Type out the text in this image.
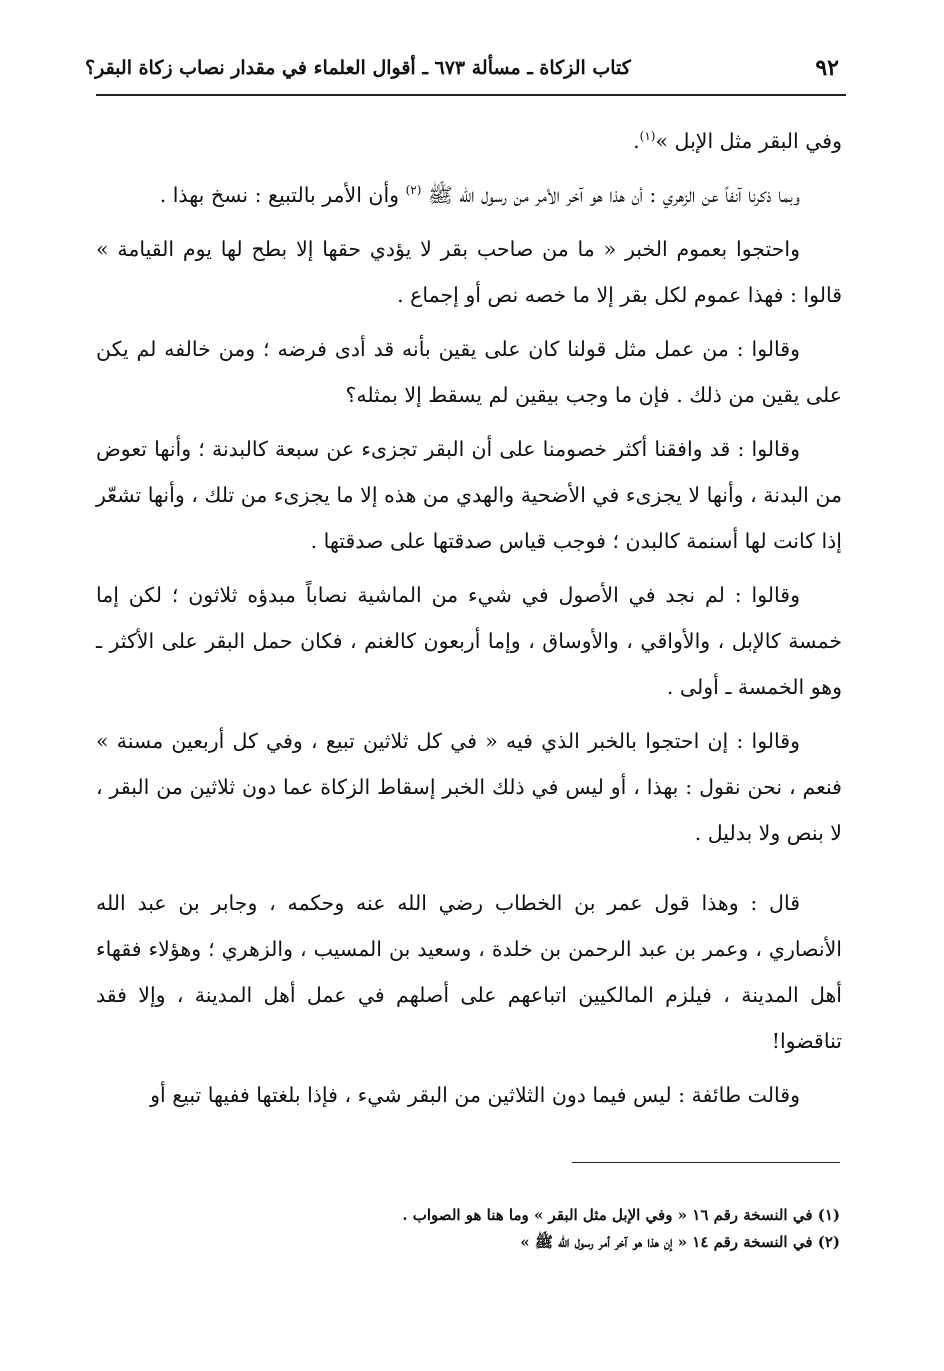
٩٢
كتاب الزكاة ـ مسألة ٦٧٣ ـ أقوال العلماء في مقدار نصاب زكاة البقر؟

وفي البقر مثل الإبل »$^{(١)}$.

وبما ذكرنا آنفاً عن الزهري : أن هذا هو آخر الأمر من رسول الله ﷺ $^{(٢)}$ وأن الأمر بالتبيع : نسخ بهذا .

واحتجوا بعموم الخبر « ما من صاحب بقر لا يؤدي حقها إلا بطح لها يوم القيامة » قالوا : فهذا عموم لكل بقر إلا ما خصه نص أو إجماع .

وقالوا : من عمل مثل قولنا كان على يقين بأنه قد أدى فرضه ؛ ومن خالفه لم يكن على يقين من ذلك . فإن ما وجب بيقين لم يسقط إلا بمثله؟

وقالوا : قد وافقنا أكثر خصومنا على أن البقر تجزىء عن سبعة كالبدنة ؛ وأنها تعوض من البدنة ، وأنها لا يجزىء في الأضحية والهدي من هذه إلا ما يجزىء من تلك ، وأنها تشعّر إذا كانت لها أسنمة كالبدن ؛ فوجب قياس صدقتها على صدقتها .

وقالوا : لم نجد في الأصول في شيء من الماشية نصاباً مبدؤه ثلاثون ؛ لكن إما خمسة كالإبل ، والأواقي ، والأوساق ، وإما أربعون كالغنم ، فكان حمل البقر على الأكثر ـ وهو الخمسة ـ أولى .

وقالوا : إن احتجوا بالخبر الذي فيه « في كل ثلاثين تبيع ، وفي كل أربعين مسنة » فنعم ، نحن نقول : بهذا ، أو ليس في ذلك الخبر إسقاط الزكاة عما دون ثلاثين من البقر ، لا بنص ولا بدليل .

قال : وهذا قول عمر بن الخطاب رضي الله عنه وحكمه ، وجابر بن عبد الله الأنصاري ، وعمر بن عبد الرحمن بن خلدة ، وسعيد بن المسيب ، والزهري ؛ وهؤلاء فقهاء أهل المدينة ، فيلزم المالكيين اتباعهم على أصلهم في عمل أهل المدينة ، وإلا فقد تناقضوا!

وقالت طائفة : ليس فيما دون الثلاثين من البقر شيء ، فإذا بلغتها ففيها تبيع أو

(١) في النسخة رقم ١٦ « وفي الإبل مثل البقر » وما هنا هو الصواب .
(٢) في النسخة رقم ١٤ « إن هذا هو آخر أمر رسول الله ﷺ »
